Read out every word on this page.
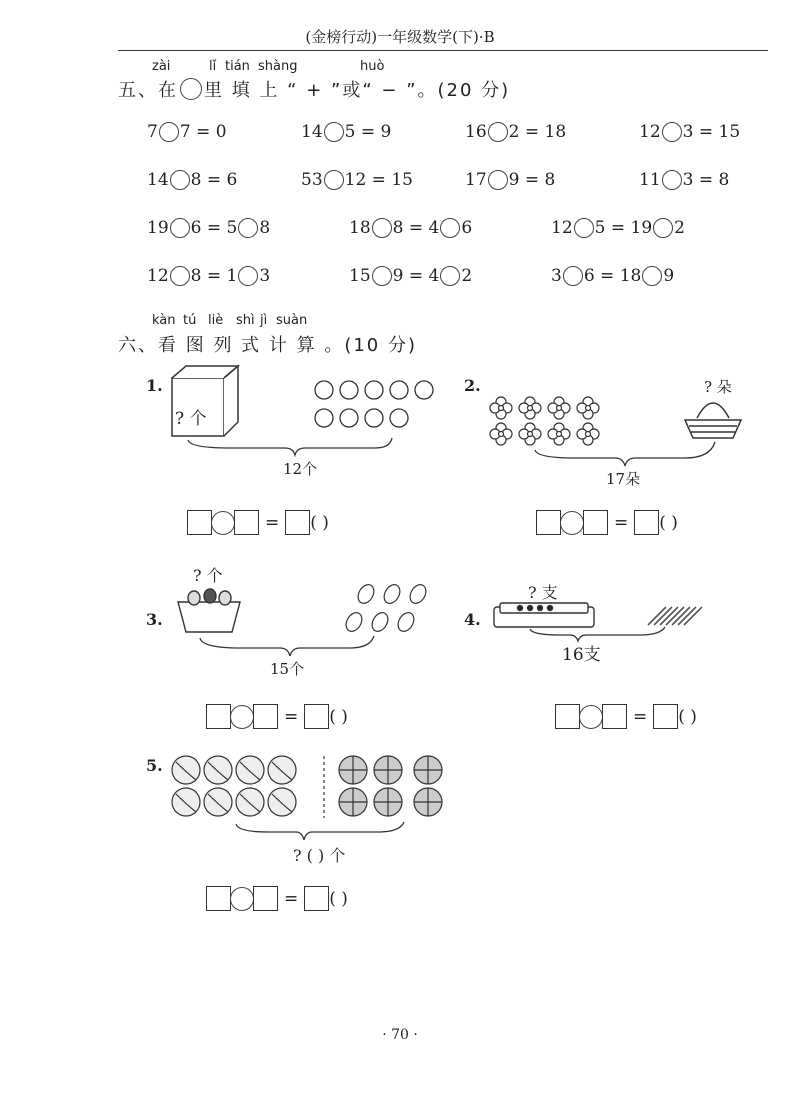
(金榜行动)一年级数学(下)·B
zài	lǐ tián shàng	huò
五、在 里 填 上 “ + ”或“ − ”。(20 分)
7 7 = 0	14 5 = 9	16 2 = 18	12 3 = 15
14 8 = 6	53 12 = 15	17 9 = 8	11 3 = 8
19 6 = 5 8	18 8 = 4 6	12 5 = 19 2
12 8 = 1 3	15 9 = 4 2	3 6 = 18 9
kàn tú liè shì jì suàn
六、看 图 列 式 计 算 。(10 分)
1.
? 个
12个
= ( )
2.	? 朵
17朵
= ( )
? 个
3.
15个
= ( )
? 支
4.
16支
= ( )
5.
? ( ) 个
= ( )
· 70 ·
